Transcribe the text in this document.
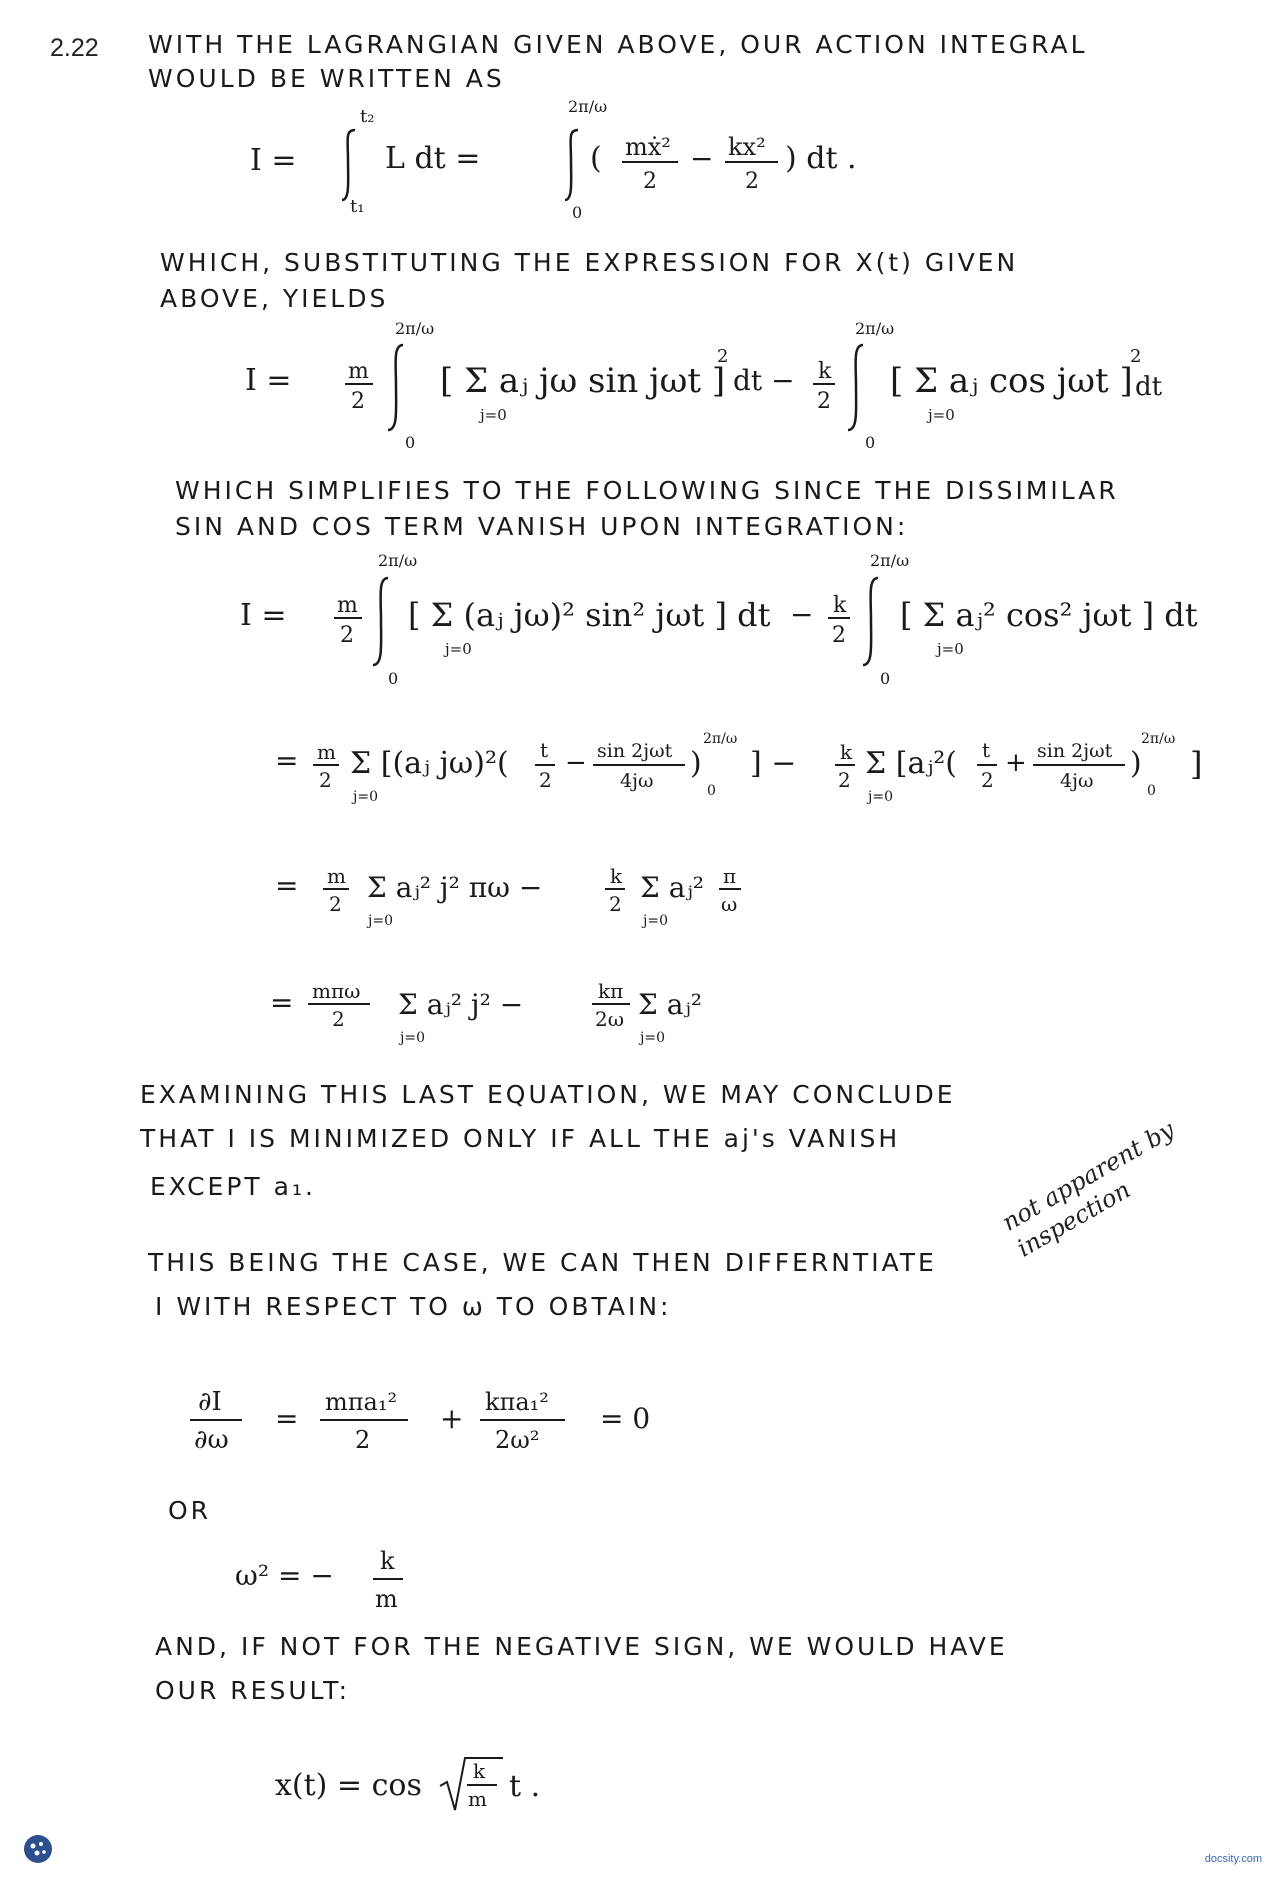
2.22 WITH THE LAGRANGIAN GIVEN ABOVE, OUR ACTION INTEGRAL
WOULD BE WRITTEN AS
I =
t₂
t₁
L dt =
2π/ω
0
( mẋ²
2
− kx²
2
) dt .
WHICH, SUBSTITUTING THE EXPRESSION FOR X(t) GIVEN
ABOVE, YIELDS
I =	m
2
2π/ω
0
[ Σ aⱼ jω sin jωt ]
j=0
2
dt − k
2
2π/ω
0
[ Σ aⱼ cos jωt ]
j=0
2
dt
WHICH SIMPLIFIES TO THE FOLLOWING SINCE THE DISSIMILAR
SIN AND COS TERM VANISH UPON INTEGRATION:
I = m
2
2π/ω
0
[ Σ (aⱼ jω)² sin² jωt ] dt
j=0
− k
2
2π/ω
0
[ Σ aⱼ² cos² jωt ] dt
j=0
= m
2 Σ [(aⱼ jω)²(
j=0
t
2
− sin 2jωt
4jω )
2π/ω
0
] − k
2 Σ [aⱼ²(
j=0
t
2
+ sin 2jωt
4jω )
2π/ω
0
]
= m
2 Σ aⱼ² j² πω −
j=0
k
2 Σ aⱼ²
j=0
π
ω
= mπω
2 Σ aⱼ² j² −
j=0
kπ
2ω Σ aⱼ²
j=0
EXAMINING THIS LAST EQUATION, WE MAY CONCLUDE
THAT I IS MINIMIZED ONLY IF ALL THE aj's VANISH
EXCEPT a₁.	not apparent by inspection
THIS BEING THE CASE, WE CAN THEN DIFFERNTIATE
I WITH RESPECT TO ω TO OBTAIN:
∂I
∂ω
= mπa₁²
2
+ kπa₁²
2ω²
= 0
OR
ω² = − k
m
AND, IF NOT FOR THE NEGATIVE SIGN, WE WOULD HAVE
OUR RESULT:
x(t) = cos	k
m t .
docsity.com
